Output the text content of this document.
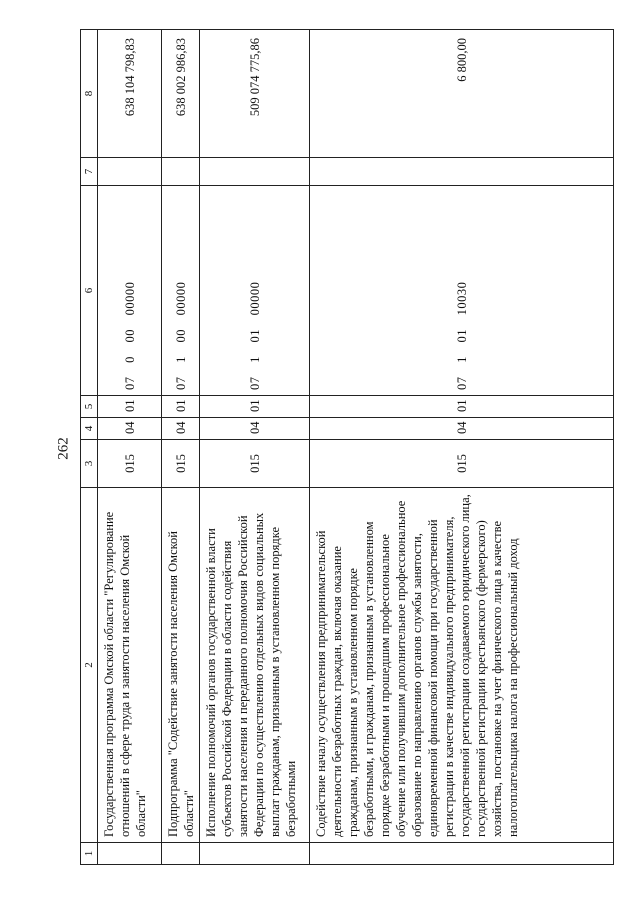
262
1	2	3	4	5	6	7	8
	Государственная программа Омской области "Регулирование отношений в сфере труда и занятости населения Омской области"	015	04	01	07 0 00 00000		638 104 798,83
	Подпрограмма "Содействие занятости населения Омской области"	015	04	01	07 1 00 00000		638 002 986,83
	Исполнение полномочий органов государственной власти субъектов Российской Федерации в области содействия занятости населения и переданного полномочия Российской Федерации по осуществлению отдельных видов социальных выплат гражданам, признанным в установленном порядке безработными	015	04	01	07 1 01 00000		509 074 775,86
	Содействие началу осуществления предпринимательской деятельности безработных граждан, включая оказание гражданам, признанным в установленном порядке безработными, и гражданам, признанным в установленном порядке безработными и прошедшим профессиональное обучение или получившим дополнительное профессиональное образование по направлению органов службы занятости, единовременной финансовой помощи при государственной регистрации в качестве индивидуального предпринимателя, государственной регистрации создаваемого юридического лица, государственной регистрации крестьянского (фермерского) хозяйства, постановке на учет физического лица в качестве налогоплательщика налога на профессиональный доход	015	04	01	07 1 01 10030		6 800,00
